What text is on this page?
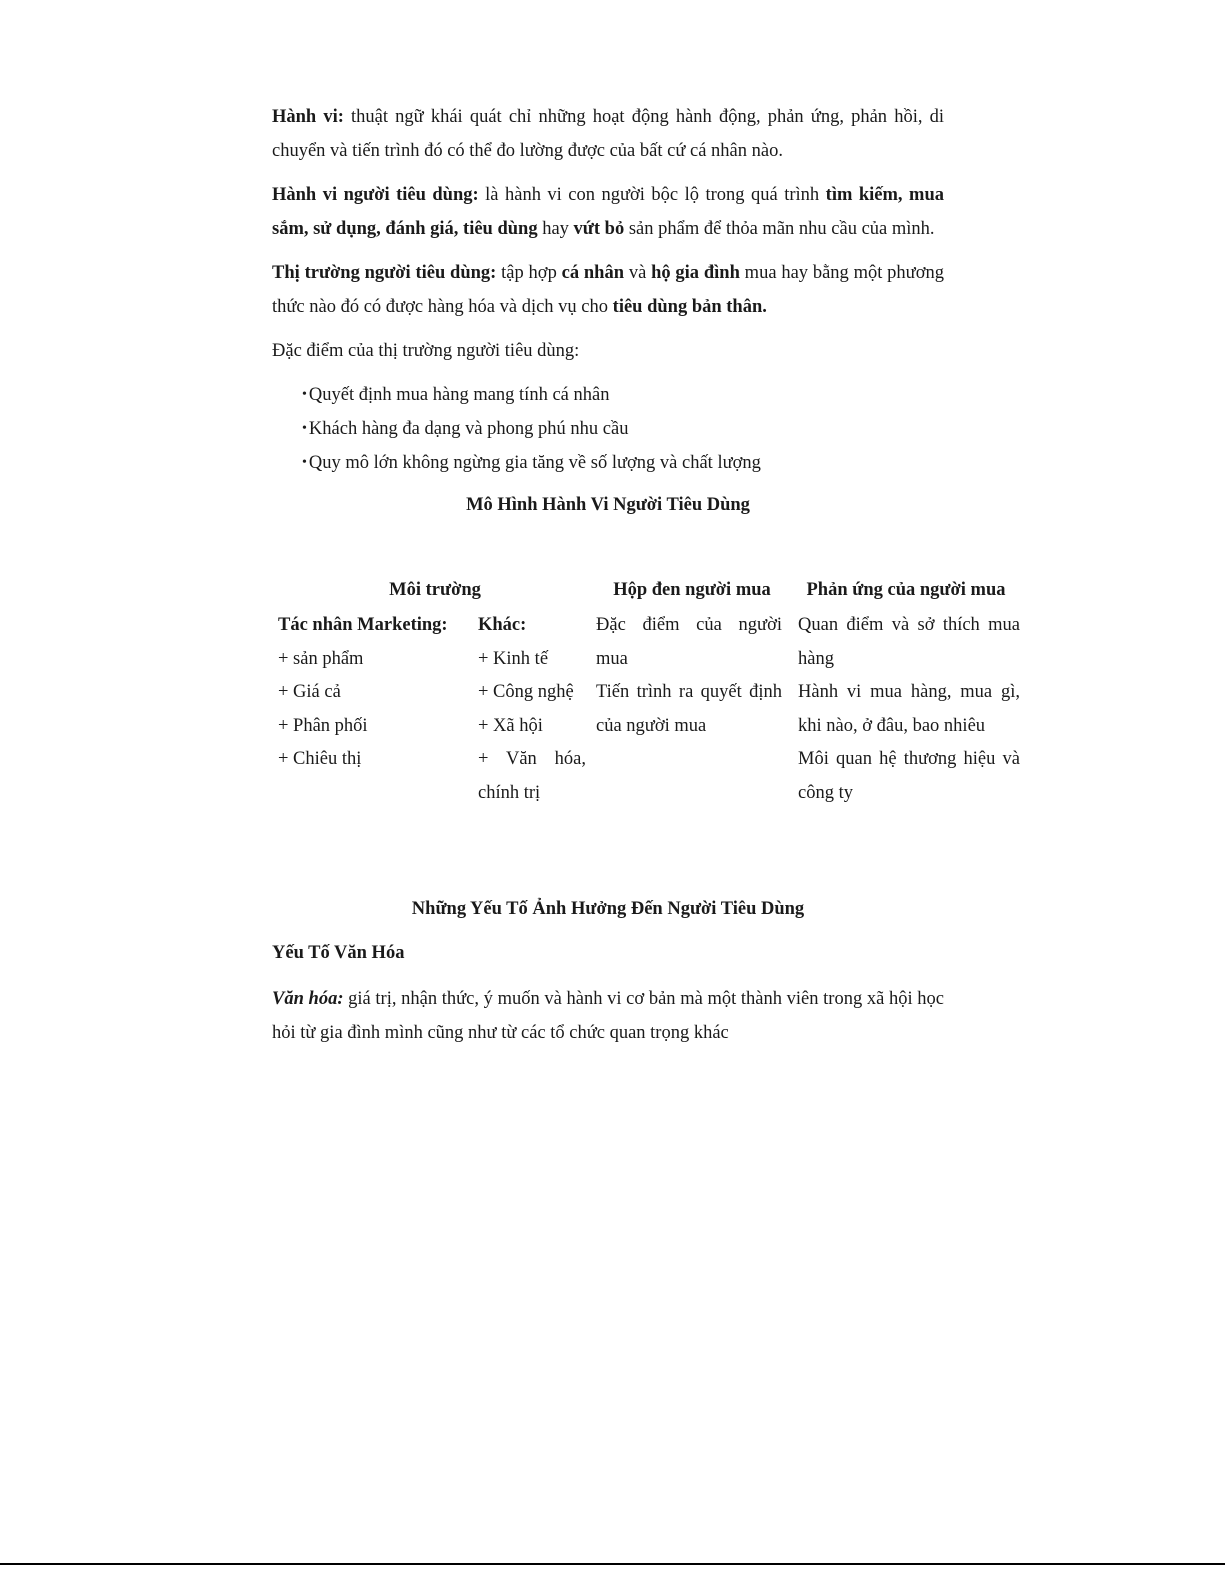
Hành vi: thuật ngữ khái quát chỉ những hoạt động hành động, phản ứng, phản hồi, di chuyển và tiến trình đó có thể đo lường được của bất cứ cá nhân nào.

Hành vi người tiêu dùng: là hành vi con người bộc lộ trong quá trình tìm kiếm, mua sắm, sử dụng, đánh giá, tiêu dùng hay vứt bỏ sản phẩm để thỏa mãn nhu cầu của mình.

Thị trường người tiêu dùng: tập hợp cá nhân và hộ gia đình mua hay bằng một phương thức nào đó có được hàng hóa và dịch vụ cho tiêu dùng bản thân.

Đặc điểm của thị trường người tiêu dùng:

• Quyết định mua hàng mang tính cá nhân
• Khách hàng đa dạng và phong phú nhu cầu
• Quy mô lớn không ngừng gia tăng về số lượng và chất lượng
Mô Hình Hành Vi Người Tiêu Dùng
Môi trường	Hộp đen người mua	Phản ứng của người mua
Tác nhân Marketing:
+ sản phẩm
+ Giá cả
+ Phân phối
+ Chiêu thị
Khác:
+ Kinh tế
+ Công nghệ
+ Xã hội
+ Văn hóa, chính trị
Đặc điểm của người mua
Tiến trình ra quyết định của người mua
Quan điểm và sở thích mua hàng
Hành vi mua hàng, mua gì, khi nào, ở đâu, bao nhiêu
Môi quan hệ thương hiệu và công ty
Những Yếu Tố Ảnh Hưởng Đến Người Tiêu Dùng
Yếu Tố Văn Hóa

Văn hóa: giá trị, nhận thức, ý muốn và hành vi cơ bản mà một thành viên trong xã hội học hỏi từ gia đình mình cũng như từ các tổ chức quan trọng khác
